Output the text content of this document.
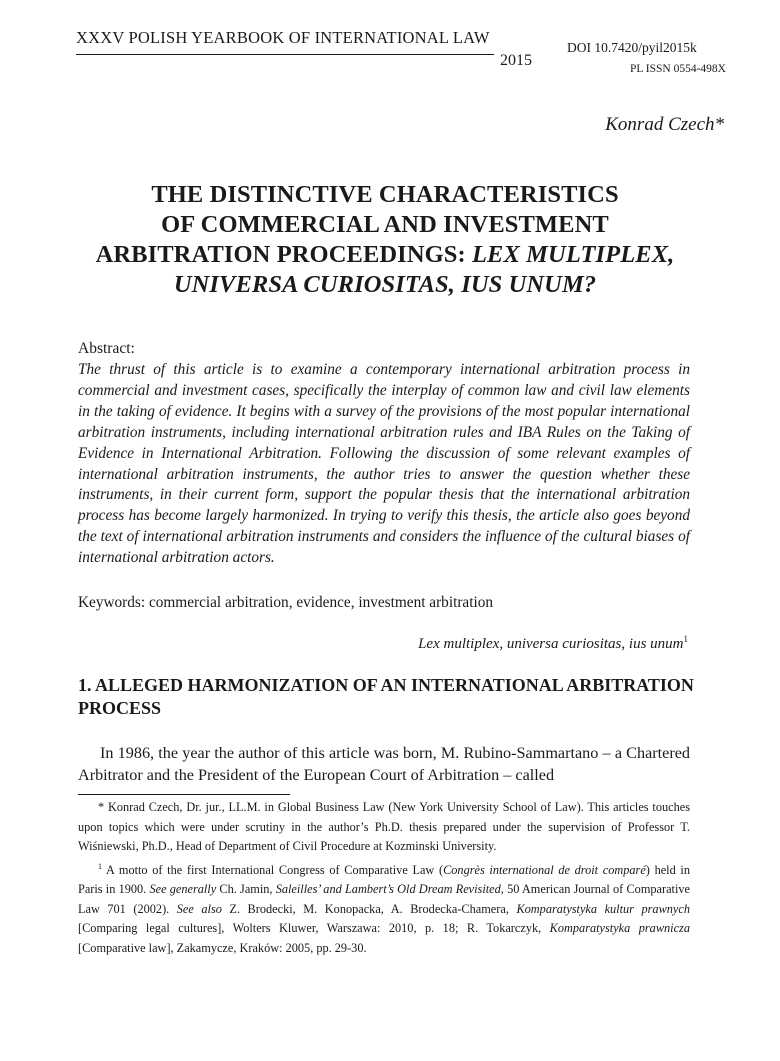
XXXV POLISH YEARBOOK OF INTERNATIONAL LAW
2015
DOI 10.7420/pyil2015k
PL ISSN 0554-498X
Konrad Czech*
THE DISTINCTIVE CHARACTERISTICS
OF COMMERCIAL AND INVESTMENT
ARBITRATION PROCEEDINGS: LEX MULTIPLEX,
UNIVERSA CURIOSITAS, IUS UNUM?
Abstract:
The thrust of this article is to examine a contemporary international arbitration process in commercial and investment cases, specifically the interplay of common law and civil law elements in the taking of evidence. It begins with a survey of the provisions of the most popular international arbitration instruments, including international arbitration rules and IBA Rules on the Taking of Evidence in International Arbitration. Following the discussion of some relevant examples of international arbitration instruments, the author tries to answer the question whether these instruments, in their current form, support the popular thesis that the international arbitration process has become largely harmonized. In trying to verify this thesis, the article also goes beyond the text of international arbitration instruments and considers the influence of the cultural biases of international arbitration actors.
Keywords: commercial arbitration, evidence, investment arbitration
Lex multiplex, universa curiositas, ius unum$^1$
1. ALLEGED HARMONIZATION OF AN INTERNATIONAL ARBITRATION PROCESS
In 1986, the year the author of this article was born, M. Rubino-Sammartano – a Chartered Arbitrator and the President of the European Court of Arbitration – called

* Konrad Czech, Dr. jur., LL.M. in Global Business Law (New York University School of Law). This articles touches upon topics which were under scrutiny in the author’s Ph.D. thesis prepared under the supervision of Professor T. Wiśniewski, Ph.D., Head of Department of Civil Procedure at Kozminski University.

$^1$ A motto of the first International Congress of Comparative Law (Congrès international de droit comparé) held in Paris in 1900. See generally Ch. Jamin, Saleilles’ and Lambert’s Old Dream Revisited, 50 American Journal of Comparative Law 701 (2002). See also Z. Brodecki, M. Konopacka, A. Brodecka-Chamera, Komparatystyka kultur prawnych [Comparing legal cultures], Wolters Kluwer, Warszawa: 2010, p. 18; R. Tokarczyk, Komparatystyka prawnicza [Comparative law], Zakamycze, Kraków: 2005, pp. 29-30.
